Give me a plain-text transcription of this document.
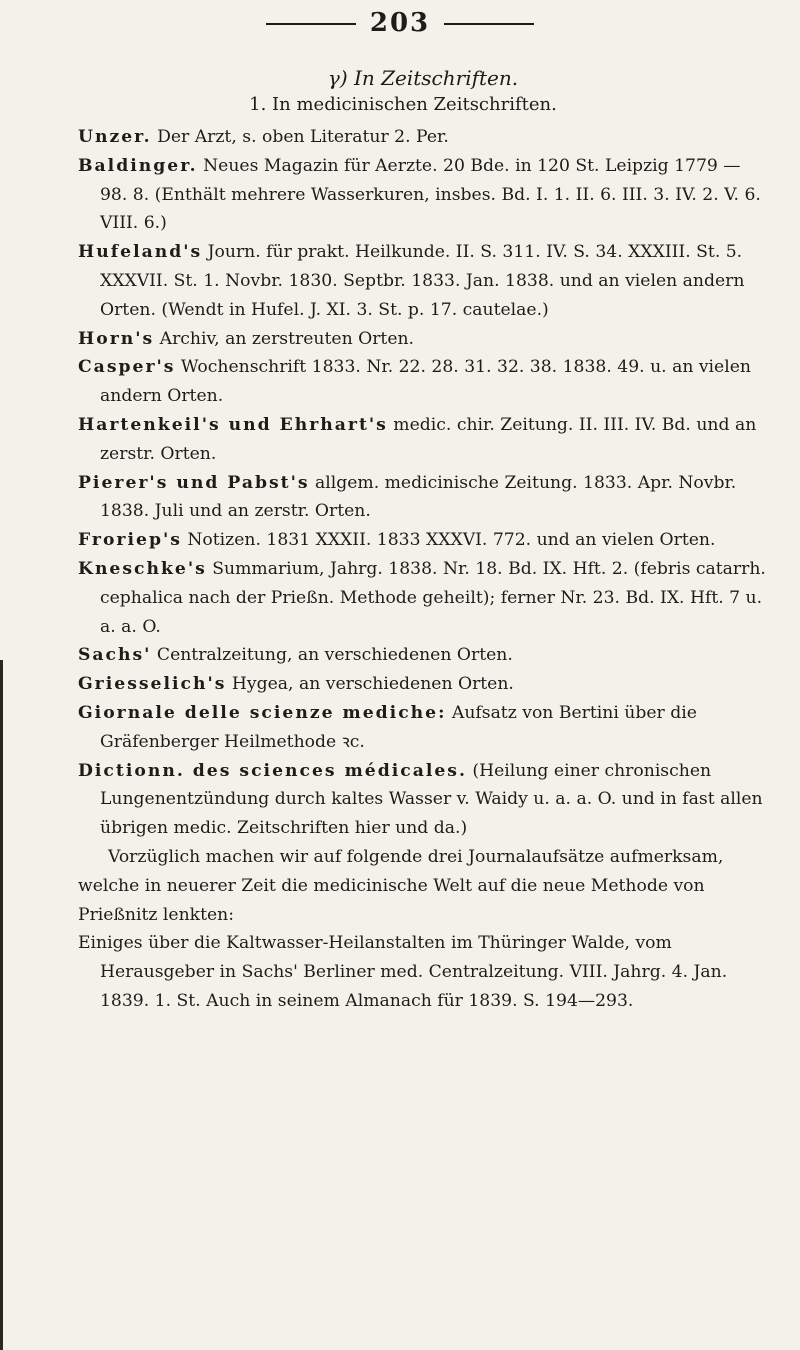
203
γ) In Zeitschriften.
1. In medicinischen Zeitschriften.

Unzer. Der Arzt, s. oben Literatur 2. Per.

Baldinger. Neues Magazin für Aerzte. 20 Bde. in 120 St. Leipzig 1779 — 98. 8. (Enthält mehrere Wasserkuren, insbes. Bd. I. 1. II. 6. III. 3. IV. 2. V. 6. VIII. 6.)

Hufeland's Journ. für prakt. Heilkunde. II. S. 311. IV. S. 34. XXXIII. St. 5. XXXVII. St. 1. Novbr. 1830. Septbr. 1833. Jan. 1838. und an vielen andern Orten. (Wendt in Hufel. J. XI. 3. St. p. 17. cautelae.)

Horn's Archiv, an zerstreuten Orten.

Casper's Wochenschrift 1833. Nr. 22. 28. 31. 32. 38. 1838. 49. u. an vielen andern Orten.

Hartenkeil's und Ehrhart's medic. chir. Zeitung. II. III. IV. Bd. und an zerstr. Orten.

Pierer's und Pabst's allgem. medicinische Zeitung. 1833. Apr. Novbr. 1838. Juli und an zerstr. Orten.

Froriep's Notizen. 1831 XXXII. 1833 XXXVI. 772. und an vielen Orten.

Kneschke's Summarium, Jahrg. 1838. Nr. 18. Bd. IX. Hft. 2. (febris catarrh. cephalica nach der Prießn. Methode geheilt); ferner Nr. 23. Bd. IX. Hft. 7 u. a. a. O.

Sachs' Centralzeitung, an verschiedenen Orten.

Griesselich's Hygea, an verschiedenen Orten.

Giornale delle scienze mediche: Aufsatz von Bertini über die Gräfenberger Heilmethode ꝛc.

Dictionn. des sciences médicales. (Heilung einer chronischen Lungenentzündung durch kaltes Wasser v. Waidy u. a. a. O. und in fast allen übrigen medic. Zeitschriften hier und da.)

Vorzüglich machen wir auf folgende drei Journalaufsätze aufmerksam, welche in neuerer Zeit die medicinische Welt auf die neue Methode von Prießnitz lenkten:

Einiges über die Kaltwasser-Heilanstalten im Thüringer Walde, vom Herausgeber in Sachs' Berliner med. Centralzeitung. VIII. Jahrg. 4. Jan. 1839. 1. St. Auch in seinem Almanach für 1839. S. 194—293.
